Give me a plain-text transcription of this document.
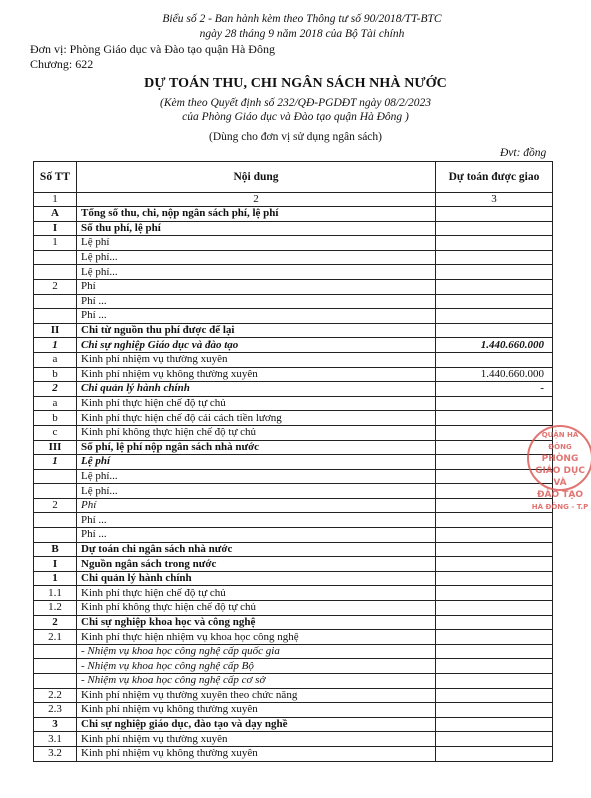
Biểu số 2 - Ban hành kèm theo Thông tư số 90/2018/TT-BTC
ngày 28 tháng 9 năm 2018 của Bộ Tài chính
Đơn vị: Phòng Giáo dục và Đào tạo quận Hà Đông
Chương: 622
DỰ TOÁN THU, CHI NGÂN SÁCH NHÀ NƯỚC
(Kèm theo Quyết định số 232/QĐ-PGDĐT ngày 08/2/2023
của Phòng Giáo dục và Đào tạo quận Hà Đông )
(Dùng cho đơn vị sử dụng ngân sách)
Đvt: đồng
Số TT	Nội dung	Dự toán được giao
1	2	3
A	Tổng số thu, chi, nộp ngân sách phí, lệ phí	
I	Số thu phí, lệ phí	
1	Lệ phí	
	Lệ phí...	
	Lệ phí...	
2	Phí	
	Phí ...	
	Phí ...	
II	Chi từ nguồn thu phí được để lại	
1	Chi sự nghiệp Giáo dục và đào tạo	1.440.660.000
a	Kinh phí nhiệm vụ thường xuyên	
b	Kinh phí nhiệm vụ không thường xuyên	1.440.660.000
2	Chi quản lý hành chính	-
a	Kinh phí thực hiện chế độ tự chủ	
b	Kinh phí thực hiện chế độ cải cách tiền lương	
c	Kinh phí không thực hiện chế độ tự chủ	
III	Số phí, lệ phí nộp ngân sách nhà nước	
1	Lệ phí	
	Lệ phí...	
	Lệ phí...	
2	Phí	
	Phí ...	
	Phí ...	
B	Dự toán chi ngân sách nhà nước	
I	Nguồn ngân sách trong nước	
1	Chi quản lý hành chính	
1.1	Kinh phí thực hiện chế độ tự chủ	
1.2	Kinh phí không thực hiện chế độ tự chủ	
2	Chi sự nghiệp khoa học và công nghệ	
2.1	Kinh phí thực hiện nhiệm vụ khoa học công nghệ	
	- Nhiệm vụ khoa học công nghệ cấp quốc gia	
	- Nhiệm vụ khoa học công nghệ cấp Bộ	
	- Nhiệm vụ khoa học công nghệ cấp cơ sở	
2.2	Kinh phí nhiệm vụ thường xuyên theo chức năng	
2.3	Kinh phí nhiệm vụ không thường xuyên	
3	Chi sự nghiệp giáo dục, đào tạo và dạy nghề	
3.1	Kinh phí nhiệm vụ thường xuyên	
3.2	Kinh phí nhiệm vụ không thường xuyên	
QUẬN HÀ ĐÔNG
PHÒNG
GIÁO DỤC VÀ
ĐÀO TẠO
HÀ ĐÔNG - T.P
